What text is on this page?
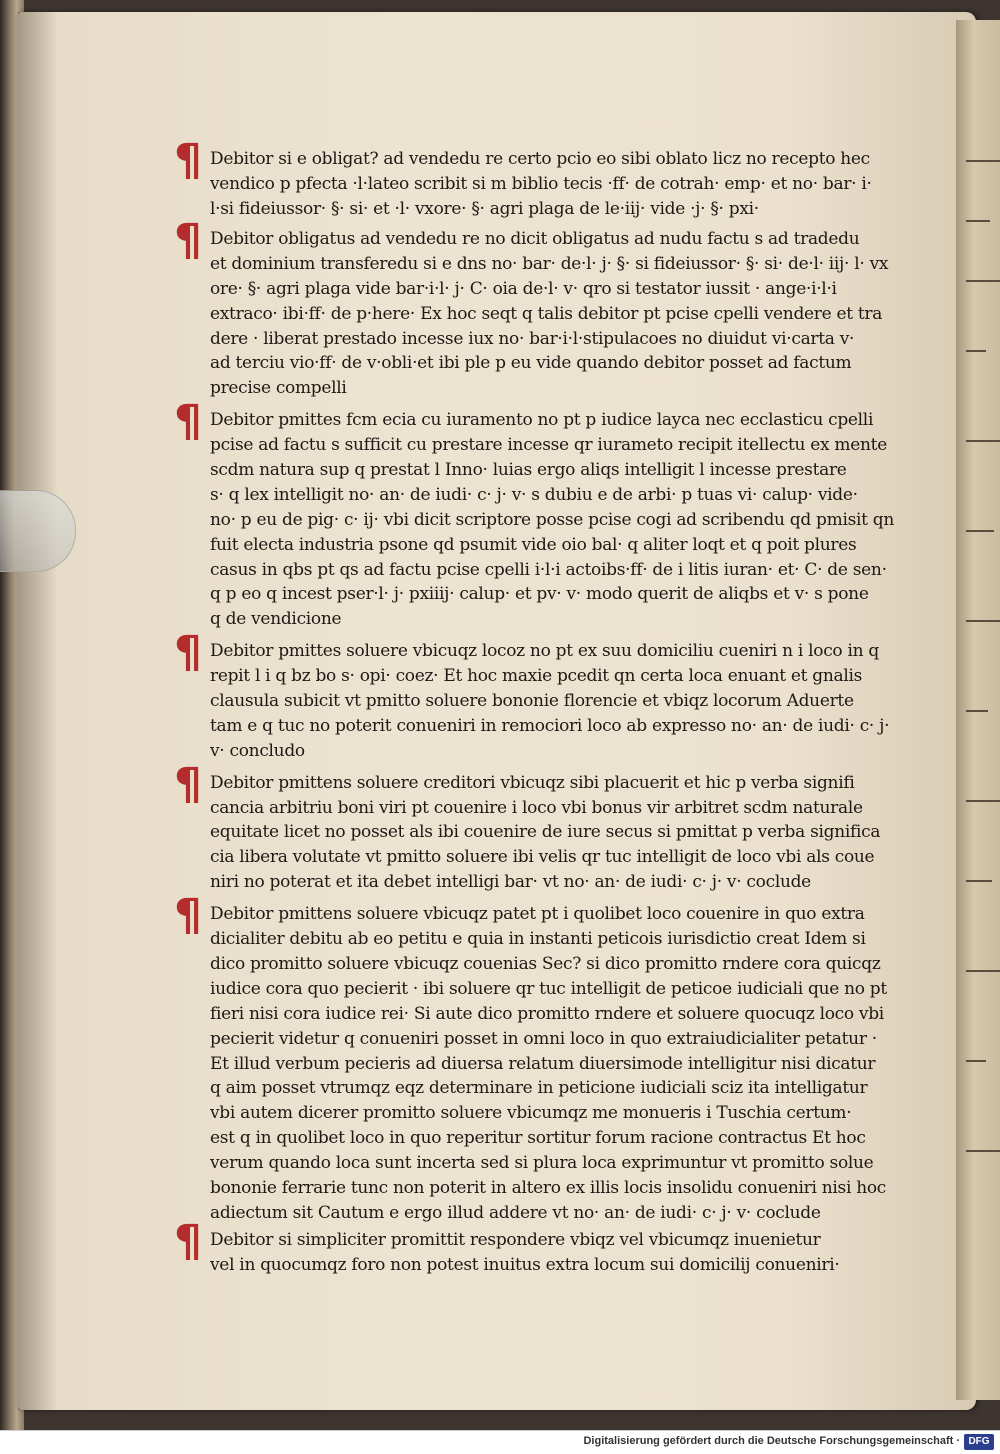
¶ Debitor si e obligat? ad vendedu re certo pcio eo sibi oblato licz no recepto hec
vendico p pfecta ·l·lateo scribit si m biblio tecis ·ff· de cotrah· emp· et no· bar· i·
l·si fideiussor· §· si· et ·l· vxore· §· agri plaga de le·iij· vide ·j· §· pxi·
¶ Debitor obligatus ad vendedu re no dicit obligatus ad nudu factu s ad tradedu
et dominium transferedu si e dns no· bar· de·l· j· §· si fideiussor· §· si· de·l· iij· l· vx
ore· §· agri plaga vide bar·i·l· j· C· oia de·l· v· qro si testator iussit · ange·i·l·i
extraco· ibi·ff· de p·here· Ex hoc seqt q talis debitor pt pcise cpelli vendere et tra
dere · liberat prestado incesse iux no· bar·i·l·stipulacoes no diuidut vi·carta v·
ad terciu vio·ff· de v·obli·et ibi ple p eu vide quando debitor posset ad factum
precise compelli
¶ Debitor pmittes fcm ecia cu iuramento no pt p iudice layca nec ecclasticu cpelli
pcise ad factu s sufficit cu prestare incesse qr iurameto recipit itellectu ex mente
scdm natura sup q prestat l Inno· luias ergo aliqs intelligit l incesse prestare
s· q lex intelligit no· an· de iudi· c· j· v· s dubiu e de arbi· p tuas vi· calup· vide·
no· p eu de pig· c· ij· vbi dicit scriptore posse pcise cogi ad scribendu qd pmisit qn
fuit electa industria psone qd psumit vide oio bal· q aliter loqt et q poit plures
casus in qbs pt qs ad factu pcise cpelli i·l·i actoibs·ff· de i litis iuran· et· C· de sen·
q p eo q incest pser·l· j· pxiiij· calup· et pv· v· modo querit de aliqbs et v· s pone
q de vendicione
¶ Debitor pmittes soluere vbicuqz locoz no pt ex suu domiciliu cueniri n i loco in q
repit l i q bz bo s· opi· coez· Et hoc maxie pcedit qn certa loca enuant et gnalis
clausula subicit vt pmitto soluere bononie florencie et vbiqz locorum Aduerte
tam e q tuc no poterit conueniri in remociori loco ab expresso no· an· de iudi· c· j·
v· concludo
¶ Debitor pmittens soluere creditori vbicuqz sibi placuerit et hic p verba signifi
cancia arbitriu boni viri pt couenire i loco vbi bonus vir arbitret scdm naturale
equitate licet no posset als ibi couenire de iure secus si pmittat p verba significa
cia libera volutate vt pmitto soluere ibi velis qr tuc intelligit de loco vbi als coue
niri no poterat et ita debet intelligi bar· vt no· an· de iudi· c· j· v· coclude
¶ Debitor pmittens soluere vbicuqz patet pt i quolibet loco couenire in quo extra
dicialiter debitu ab eo petitu e quia in instanti peticois iurisdictio creat Idem si
dico promitto soluere vbicuqz couenias Sec? si dico promitto rndere cora quicqz
iudice cora quo pecierit · ibi soluere qr tuc intelligit de peticoe iudiciali que no pt
fieri nisi cora iudice rei· Si aute dico promitto rndere et soluere quocuqz loco vbi
pecierit videtur q conueniri posset in omni loco in quo extraiudicialiter petatur ·
Et illud verbum pecieris ad diuersa relatum diuersimode intelligitur nisi dicatur
q aim posset vtrumqz eqz determinare in peticione iudiciali sciz ita intelligatur
vbi autem dicerer promitto soluere vbicumqz me monueris i Tuschia certum·
est q in quolibet loco in quo reperitur sortitur forum racione contractus Et hoc
verum quando loca sunt incerta sed si plura loca exprimuntur vt promitto solue
bononie ferrarie tunc non poterit in altero ex illis locis insolidu conueniri nisi hoc
adiectum sit Cautum e ergo illud addere vt no· an· de iudi· c· j· v· coclude
¶ Debitor si simpliciter promittit respondere vbiqz vel vbicumqz inuenietur
vel in quocumqz foro non potest inuitus extra locum sui domicilij conueniri·
Digitalisierung gefördert durch die Deutsche Forschungsgemeinschaft · DFG
